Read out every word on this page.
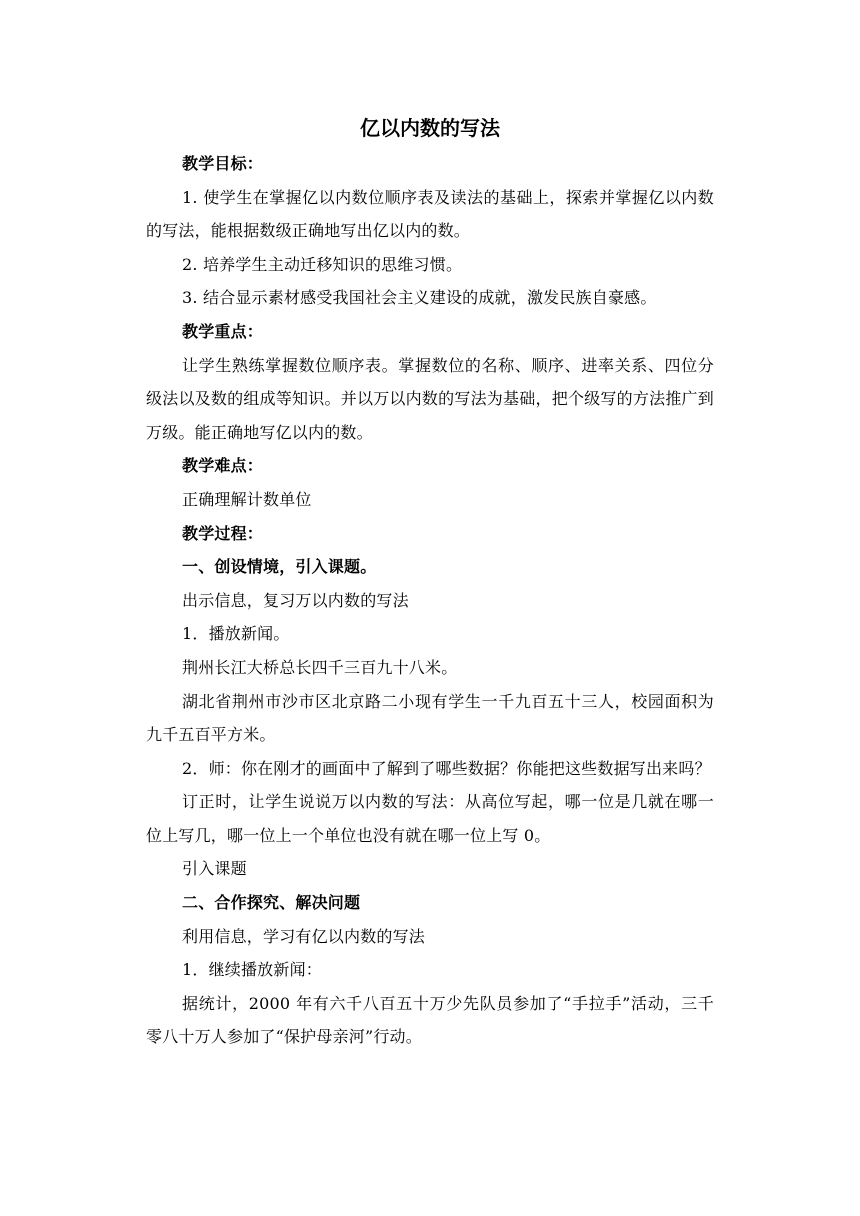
亿以内数的写法

教学目标：

1. 使学生在掌握亿以内数位顺序表及读法的基础上，探索并掌握亿以内数的写法，能根据数级正确地写出亿以内的数。

2. 培养学生主动迁移知识的思维习惯。

3. 结合显示素材感受我国社会主义建设的成就，激发民族自豪感。

教学重点：

让学生熟练掌握数位顺序表。掌握数位的名称、顺序、进率关系、四位分级法以及数的组成等知识。并以万以内数的写法为基础，把个级写的方法推广到万级。能正确地写亿以内的数。

教学难点：

正确理解计数单位

教学过程：

一、创设情境，引入课题。

出示信息，复习万以内数的写法

1．播放新闻。

荆州长江大桥总长四千三百九十八米。

湖北省荆州市沙市区北京路二小现有学生一千九百五十三人，校园面积为九千五百平方米。

2．师：你在刚才的画面中了解到了哪些数据？你能把这些数据写出来吗？

订正时，让学生说说万以内数的写法：从高位写起，哪一位是几就在哪一位上写几，哪一位上一个单位也没有就在哪一位上写 0。

引入课题

二、合作探究、解决问题

利用信息，学习有亿以内数的写法

1．继续播放新闻：

据统计，2000 年有六千八百五十万少先队员参加了“手拉手”活动，三千零八十万人参加了“保护母亲河”行动。
